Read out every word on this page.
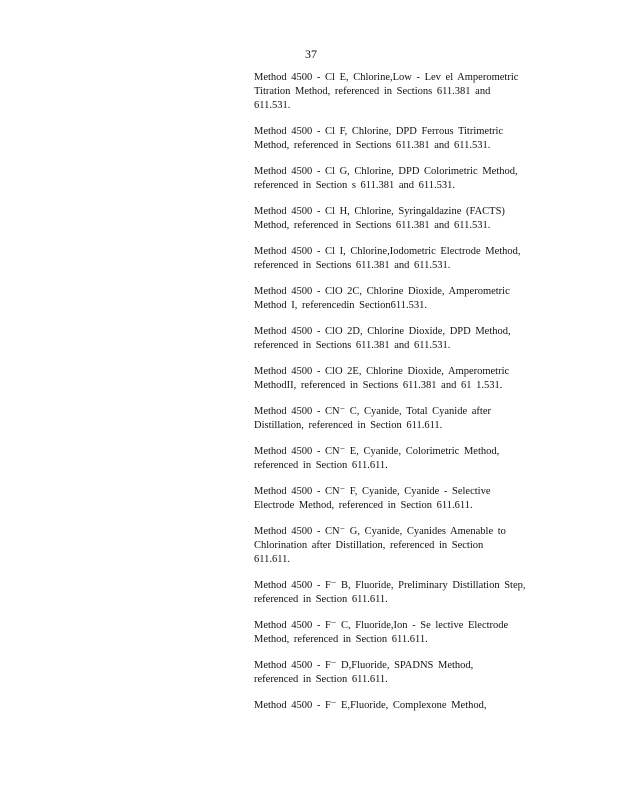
37
Method 4500 - Cl E, Chlorine,Low - Lev el Amperometric
Titration Method, referenced in Sections 611.381 and
611.531.
Method 4500 - Cl F, Chlorine, DPD Ferrous Titrimetric
Method, referenced in Sections 611.381 and 611.531.
Method 4500 - Cl G, Chlorine, DPD Colorimetric Method,
referenced in Section s 611.381 and 611.531.
Method 4500 - Cl H, Chlorine, Syringaldazine (FACTS)
Method, referenced in Sections 611.381 and 611.531.
Method 4500 - Cl I, Chlorine,Iodometric Electrode Method,
referenced in Sections 611.381 and 611.531.
Method 4500 - ClO 2C, Chlorine Dioxide, Amperometric
Method I, referencedin Section611.531.
Method 4500 - ClO 2D, Chlorine Dioxide, DPD Method,
referenced in Sections 611.381 and 611.531.
Method 4500 - ClO 2E, Chlorine Dioxide, Amperometric
MethodII, referenced in Sections 611.381 and 61 1.531.
Method 4500 - CN⁻ C, Cyanide, Total Cyanide after
Distillation, referenced in Section 611.611.
Method 4500 - CN⁻ E, Cyanide, Colorimetric Method,
referenced in Section 611.611.
Method 4500 - CN⁻ F, Cyanide, Cyanide - Selective
Electrode Method, referenced in Section 611.611.
Method 4500 - CN⁻ G, Cyanide, Cyanides Amenable to
Chlorination after Distillation, referenced in Section
611.611.
Method 4500 - F⁻ B, Fluoride, Preliminary Distillation Step,
referenced in Section 611.611.
Method 4500 - F⁻ C, Fluoride,Ion - Se lective Electrode
Method, referenced in Section 611.611.
Method 4500 - F⁻ D,Fluoride, SPADNS Method,
referenced in Section 611.611.
Method 4500 - F⁻ E,Fluoride, Complexone Method,
